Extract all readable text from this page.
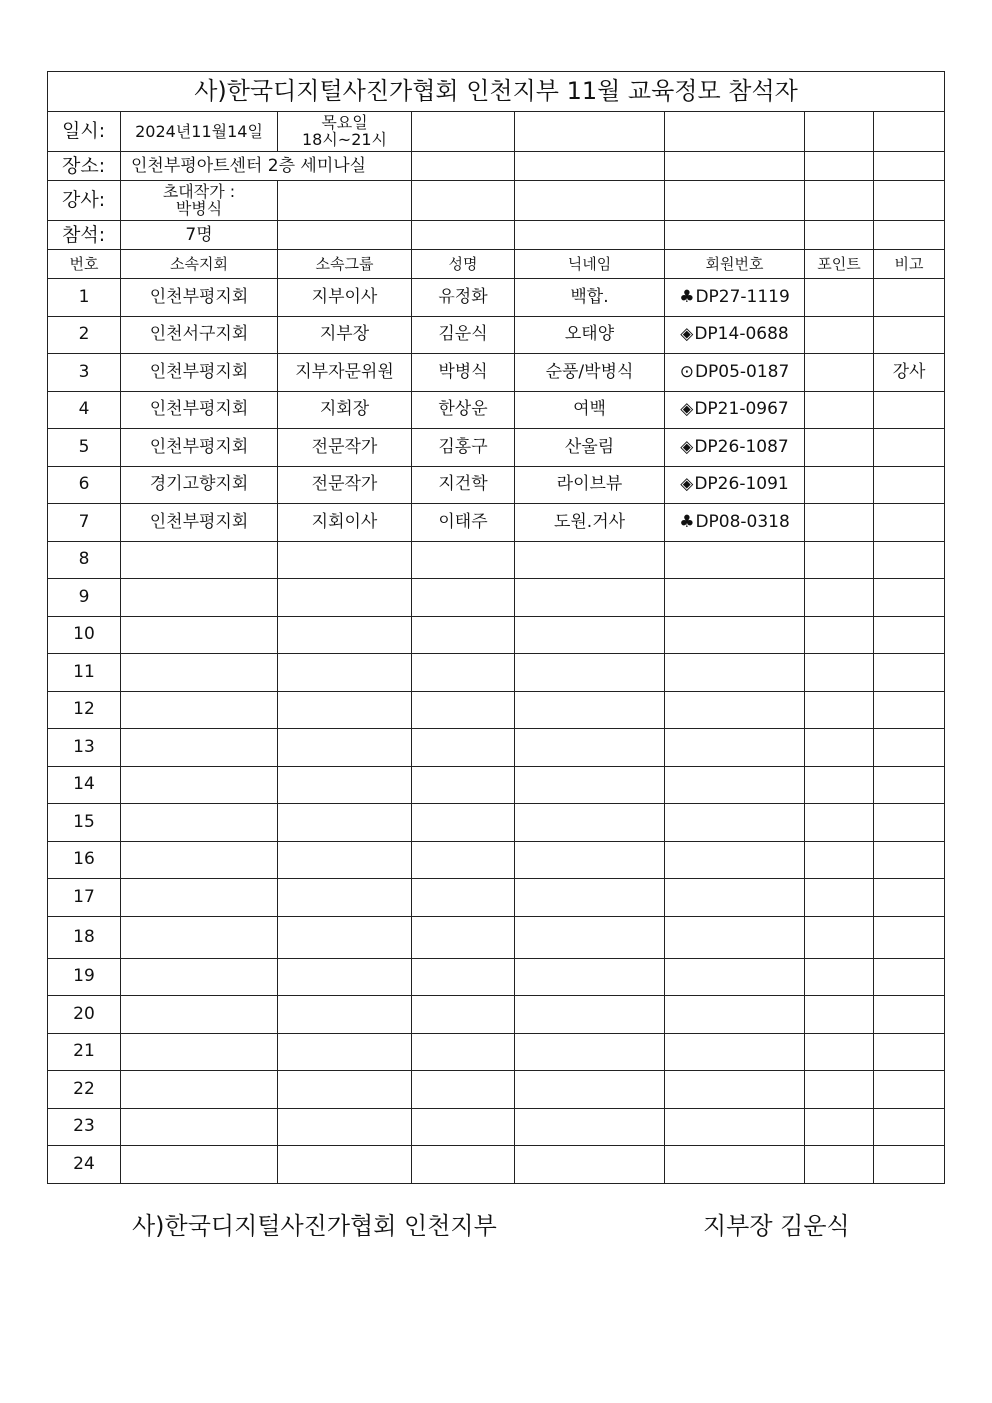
사)한국디지털사진가협회 인천지부 11월 교육정모 참석자							
일시:	2024년11월14일	목요일
18시~21시					

장소:	인천부평아트센터 2층 세미나실						
강사:	초대작가 :
박병식						

참석:	7명						
번호	소속지회	소속그룹	성명	닉네임	회원번호	포인트	비고
1	인천부평지회	지부이사	유정화	백합.	♣DP27-1119		
2	인천서구지회	지부장	김운식	오태양	◈DP14-0688		
3	인천부평지회	지부자문위원	박병식	순풍/박병식	⊙DP05-0187		강사
4	인천부평지회	지회장	한상운	여백	◈DP21-0967		
5	인천부평지회	전문작가	김홍구	산울림	◈DP26-1087		
6	경기고향지회	전문작가	지건학	라이브뷰	◈DP26-1091		
7	인천부평지회	지회이사	이태주	도원.거사	♣DP08-0318		
8							
9							
10							
11							
12							
13							
14							
15							
16							
17							
18							
19							
20							
21							
22							
23							
24							
사)한국디지털사진가협회 인천지부	지부장 김운식
